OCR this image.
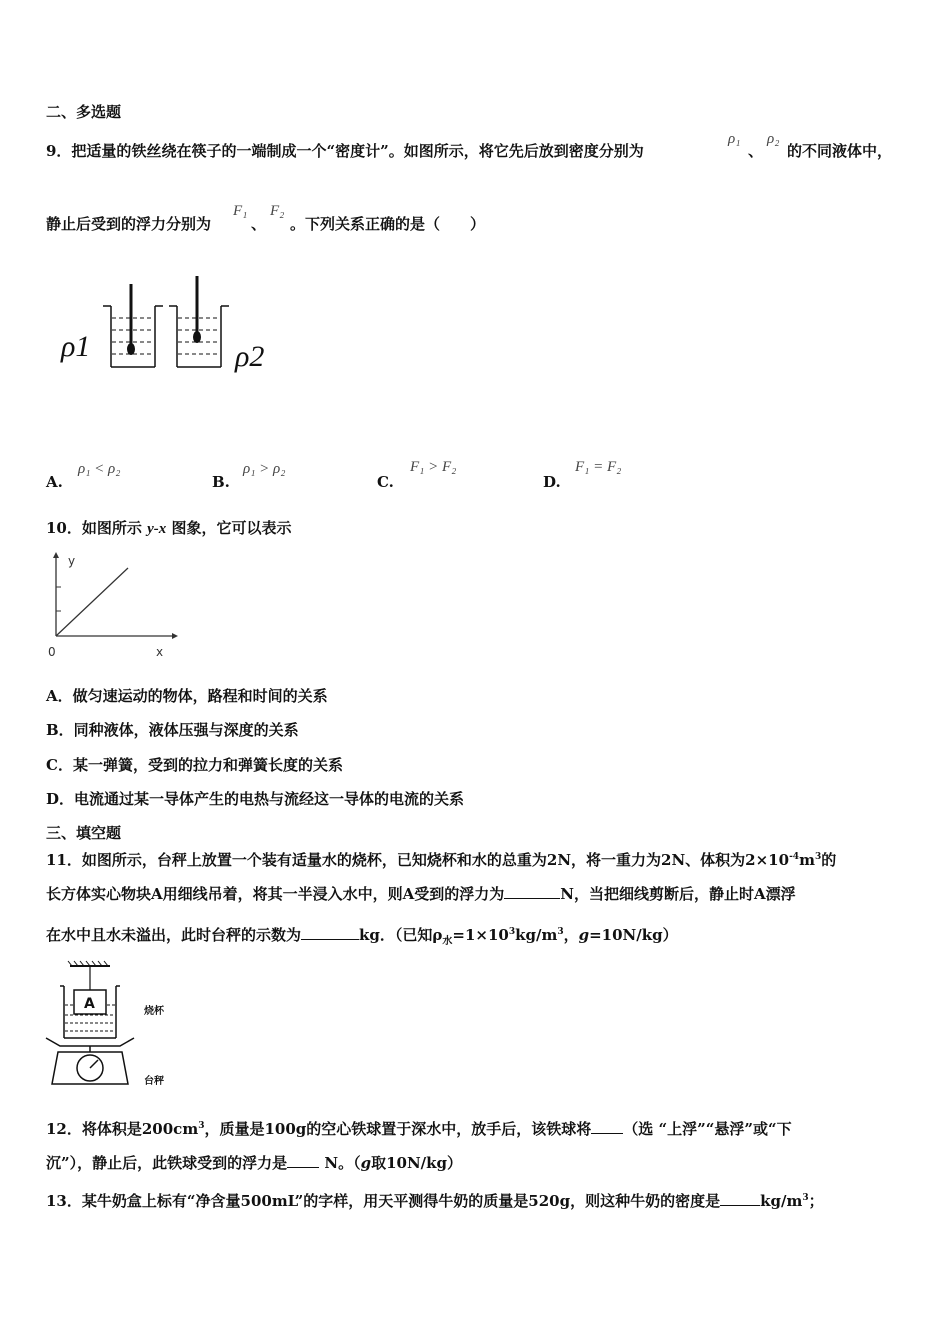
二、多选题
9．把适量的铁丝绕在筷子的一端制成一个“密度计”。如图所示，将它先后放到密度分别为
ρ₁
、
ρ₂
的不同液体中，
静止后受到的浮力分别为
F₁
、
F₂
。下列关系正确的是（　　）
ρ1	ρ2
A.
ρ₁ < ρ₂
B.
ρ₁ > ρ₂
C.
F₁ > F₂
D.
F₁ = F₂
10．如图所示 y-x 图象，它可以表示
y
x
0
A．做匀速运动的物体，路程和时间的关系
B．同种液体，液体压强与深度的关系
C．某一弹簧，受到的拉力和弹簧长度的关系
D．电流通过某一导体产生的电热与流经这一导体的电流的关系
三、填空题
11．如图所示，台秤上放置一个装有适量水的烧杯，已知烧杯和水的总重为2N，将一重力为2N、体积为$2\times 10^{-4}m^3$的
长方体实心物块A用细线吊着，将其一半浸入水中，则A受到的浮力为	N，当把细线剪断后，静止时A漂浮
在水中且水未溢出，此时台秤的示数为	kg．（已知$\rho_水=1\times 10^3kg/m^3$，g=10N/kg）
A	烧杯
台秤
12．将体积是$200cm^3$，质量是100g的空心铁球置于深水中，放手后，该铁球将 （选 “上浮”“悬浮”或“下
沉”），静止后，此铁球受到的浮力是 N。（g取10N/kg）
13．某牛奶盒上标有“净含量500mL”的字样，用天平测得牛奶的质量是520g，则这种牛奶的密度是	$kg/m^3$；
